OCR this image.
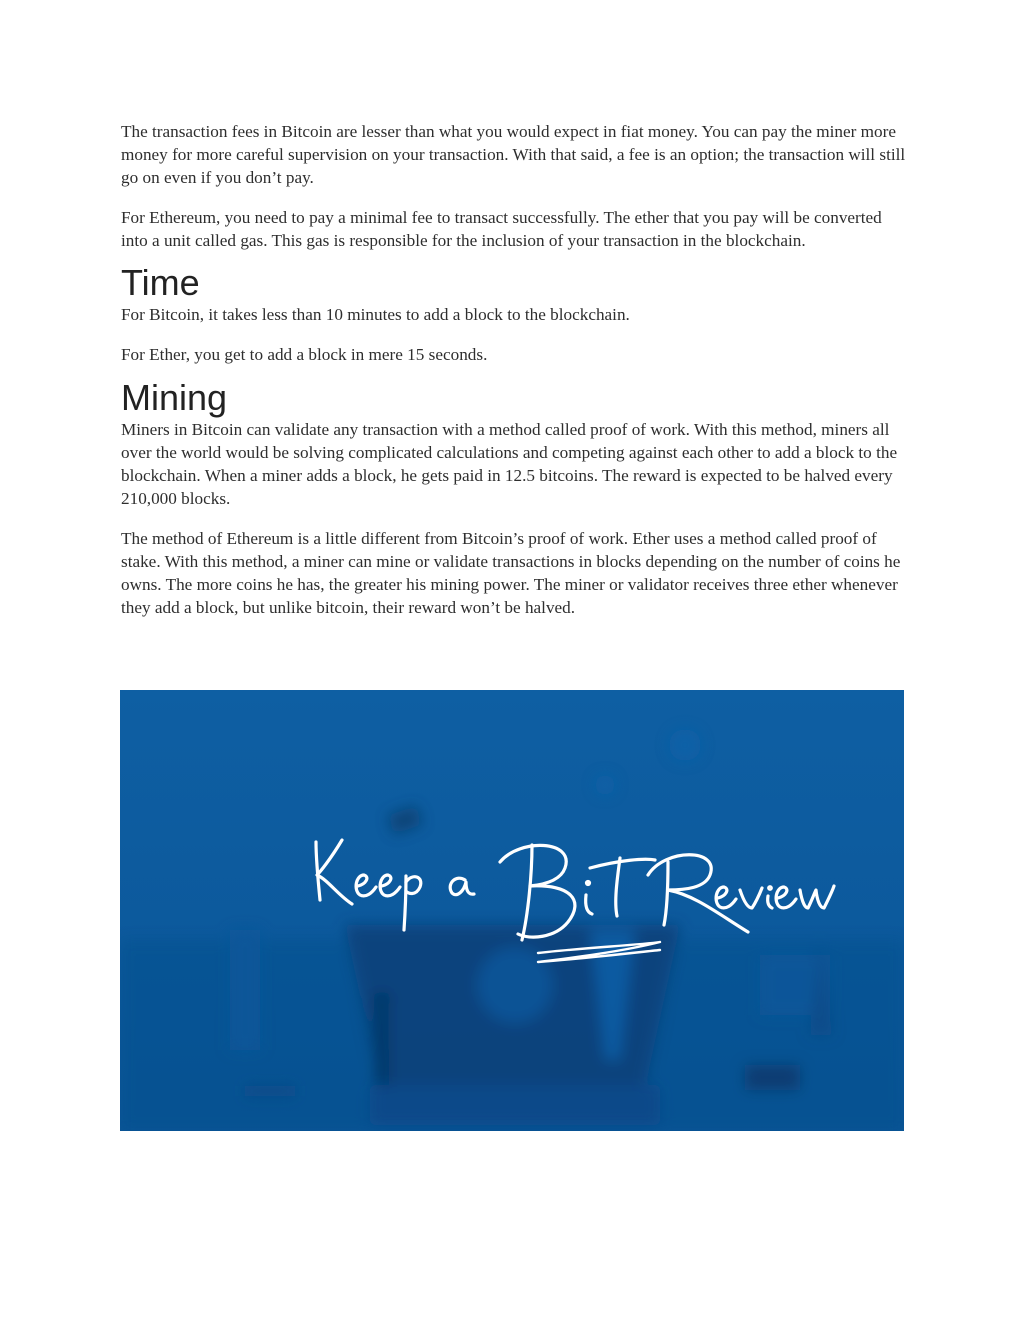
The transaction fees in Bitcoin are lesser than what you would expect in fiat money. You can pay the miner more money for more careful supervision on your transaction. With that said, a fee is an option; the transaction will still go on even if you don’t pay.

For Ethereum, you need to pay a minimal fee to transact successfully. The ether that you pay will be converted into a unit called gas. This gas is responsible for the inclusion of your transaction in the blockchain.

Time

For Bitcoin, it takes less than 10 minutes to add a block to the blockchain.

For Ether, you get to add a block in mere 15 seconds.

Mining

Miners in Bitcoin can validate any transaction with a method called proof of work. With this method, miners all over the world would be solving complicated calculations and competing against each other to add a block to the blockchain. When a miner adds a block, he gets paid in 12.5 bitcoins. The reward is expected to be halved every 210,000 blocks.

The method of Ethereum is a little different from Bitcoin’s proof of work. Ether uses a method called proof of stake. With this method, a miner can mine or validate transactions in blocks depending on the number of coins he owns. The more coins he has, the greater his mining power. The miner or validator receives three ether whenever they add a block, but unlike bitcoin, their reward won’t be halved.
